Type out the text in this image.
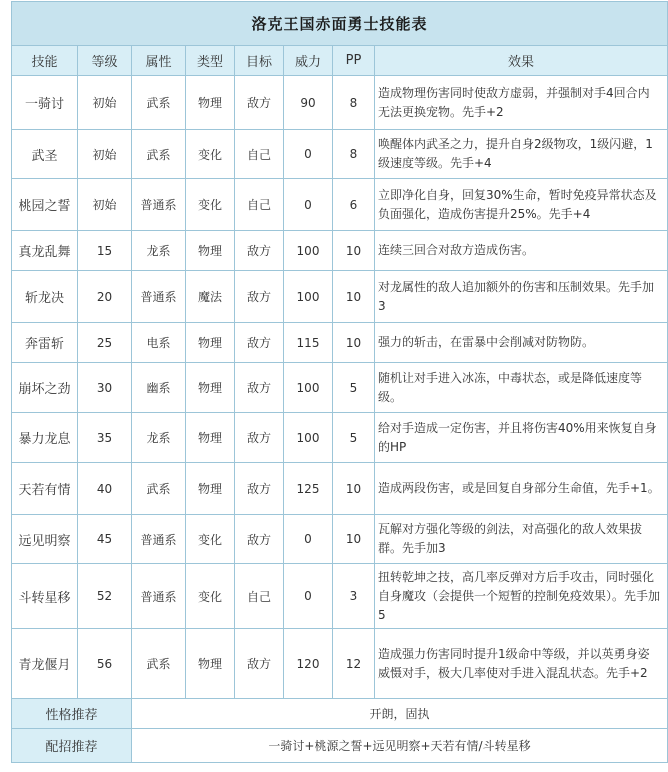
洛克王国赤面勇士技能表							
技能	等级	属性	类型	目标	威力	PP	效果
一骑讨	初始	武系	物理	敌方	90	8	造成物理伤害同时使敌方虚弱，并强制对手4回合内无法更换宠物。先手+2
武圣	初始	武系	变化	自己	0	8	唤醒体内武圣之力，提升自身2级物攻，1级闪避，1级速度等级。先手+4
桃园之誓	初始	普通系	变化	自己	0	6	立即净化自身，回复30%生命，暂时免疫异常状态及负面强化，造成伤害提升25%。先手+4
真龙乱舞	15	龙系	物理	敌方	100	10	连续三回合对敌方造成伤害。
斩龙决	20	普通系	魔法	敌方	100	10	对龙属性的敌人追加额外的伤害和压制效果。先手加3
奔雷斩	25	电系	物理	敌方	115	10	强力的斩击，在雷暴中会削减对防物防。
崩坏之劲	30	幽系	物理	敌方	100	5	随机让对手进入冰冻，中毒状态，或是降低速度等级。
暴力龙息	35	龙系	物理	敌方	100	5	给对手造成一定伤害，并且将伤害40%用来恢复自身的HP
天若有情	40	武系	物理	敌方	125	10	造成两段伤害，或是回复自身部分生命值，先手+1。
远见明察	45	普通系	变化	敌方	0	10	瓦解对方强化等级的剑法，对高强化的敌人效果拔群。先手加3
斗转星移	52	普通系	变化	自己	0	3	扭转乾坤之技，高几率反弹对方后手攻击，同时强化自身魔攻（会提供一个短暂的控制免疫效果）。先手加5
青龙偃月	56	武系	物理	敌方	120	12	造成强力伤害同时提升1级命中等级，并以英勇身姿威慑对手，极大几率使对手进入混乱状态。先手+2
性格推荐		开朗，固执					
配招推荐		一骑讨+桃源之誓+远见明察+天若有情/斗转星移					
